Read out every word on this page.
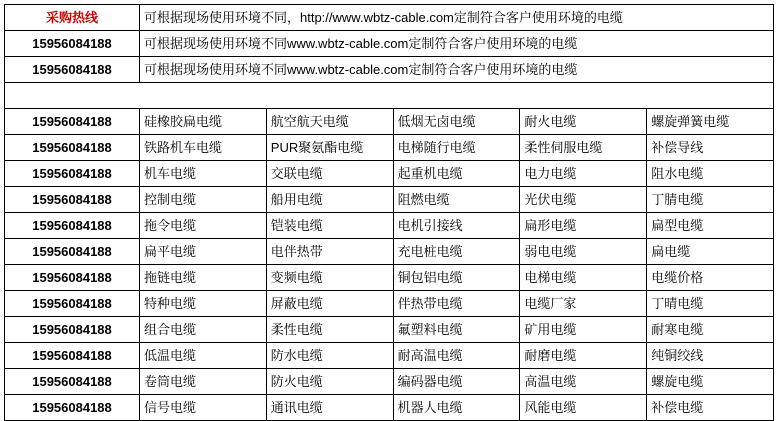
采购热线	可根据现场使用环境不同，http://www.wbtz-cable.com定制符合客户使用环境的电缆				
15956084188	可根据现场使用环境不同www.wbtz-cable.com定制符合客户使用环境的电缆				
15956084188	可根据现场使用环境不同www.wbtz-cable.com定制符合客户使用环境的电缆				

15956084188	硅橡胶扁电缆	航空航天电缆	低烟无卤电缆	耐火电缆	螺旋弹簧电缆
15956084188	铁路机车电缆	PUR聚氨酯电缆	电梯随行电缆	柔性伺服电缆	补偿导线
15956084188	机车电缆	交联电缆	起重机电缆	电力电缆	阻水电缆
15956084188	控制电缆	船用电缆	阻燃电缆	光伏电缆	丁腈电缆
15956084188	拖令电缆	铠装电缆	电机引接线	扁形电缆	扁型电缆
15956084188	扁平电缆	电伴热带	充电桩电缆	弱电电缆	扁电缆
15956084188	拖链电缆	变频电缆	铜包铝电缆	电梯电缆	电缆价格
15956084188	特种电缆	屏蔽电缆	伴热带电缆	电缆厂家	丁晴电缆
15956084188	组合电缆	柔性电缆	氟塑料电缆	矿用电缆	耐寒电缆
15956084188	低温电缆	防水电缆	耐高温电缆	耐磨电缆	纯铜绞线
15956084188	卷筒电缆	防火电缆	编码器电缆	高温电缆	螺旋电缆
15956084188	信号电缆	通讯电缆	机器人电缆	风能电缆	补偿电缆
